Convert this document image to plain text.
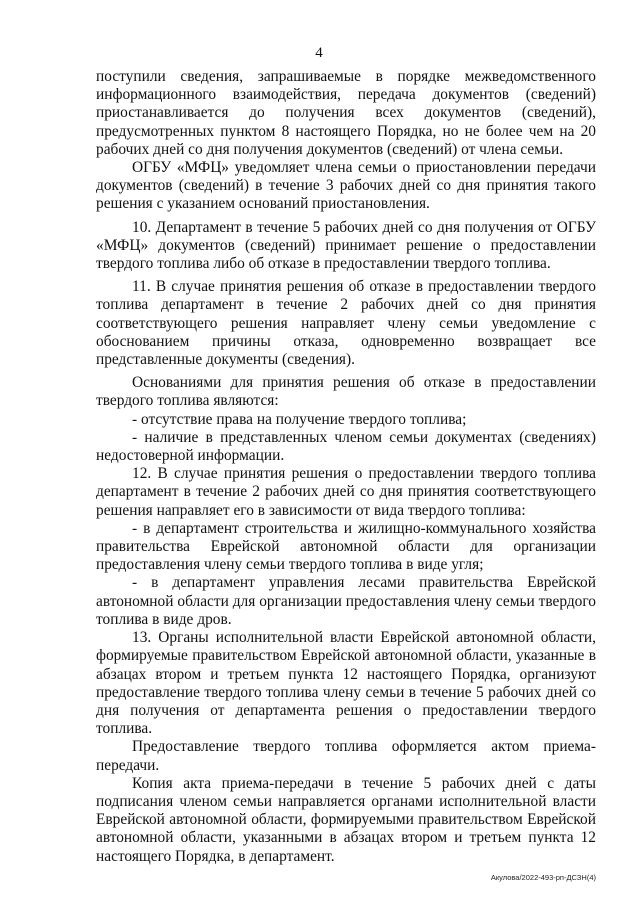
4

поступили сведения, запрашиваемые в порядке межведомственного информационного взаимодействия, передача документов (сведений) приостанавливается до получения всех документов (сведений), предусмотренных пунктом 8 настоящего Порядка, но не более чем на 20 рабочих дней со дня получения документов (сведений) от члена семьи.

ОГБУ «МФЦ» уведомляет члена семьи о приостановлении передачи документов (сведений) в течение 3 рабочих дней со дня принятия такого решения с указанием оснований приостановления.

10. Департамент в течение 5 рабочих дней со дня получения от ОГБУ «МФЦ» документов (сведений) принимает решение о предоставлении твердого топлива либо об отказе в предоставлении твердого топлива.

11. В случае принятия решения об отказе в предоставлении твердого топлива департамент в течение 2 рабочих дней со дня принятия соответствующего решения направляет члену семьи уведомление с обоснованием причины отказа, одновременно возвращает все представленные документы (сведения).

Основаниями для принятия решения об отказе в предоставлении твердого топлива являются:

- отсутствие права на получение твердого топлива;

- наличие в представленных членом семьи документах (сведениях) недостоверной информации.

12. В случае принятия решения о предоставлении твердого топлива департамент в течение 2 рабочих дней со дня принятия соответствующего решения направляет его в зависимости от вида твердого топлива:

- в департамент строительства и жилищно-коммунального хозяйства правительства Еврейской автономной области для организации предоставления члену семьи твердого топлива в виде угля;

- в департамент управления лесами правительства Еврейской автономной области для организации предоставления члену семьи твердого топлива в виде дров.

13. Органы исполнительной власти Еврейской автономной области, формируемые правительством Еврейской автономной области, указанные в абзацах втором и третьем пункта 12 настоящего Порядка, организуют предоставление твердого топлива члену семьи в течение 5 рабочих дней со дня получения от департамента решения о предоставлении твердого топлива.

Предоставление твердого топлива оформляется актом приема-передачи.

Копия акта приема-передачи в течение 5 рабочих дней с даты подписания членом семьи направляется органами исполнительной власти Еврейской автономной области, формируемыми правительством Еврейской автономной области, указанными в абзацах втором и третьем пункта 12 настоящего Порядка, в департамент.

Акулова/2022-493-рп-ДСЗН(4)
